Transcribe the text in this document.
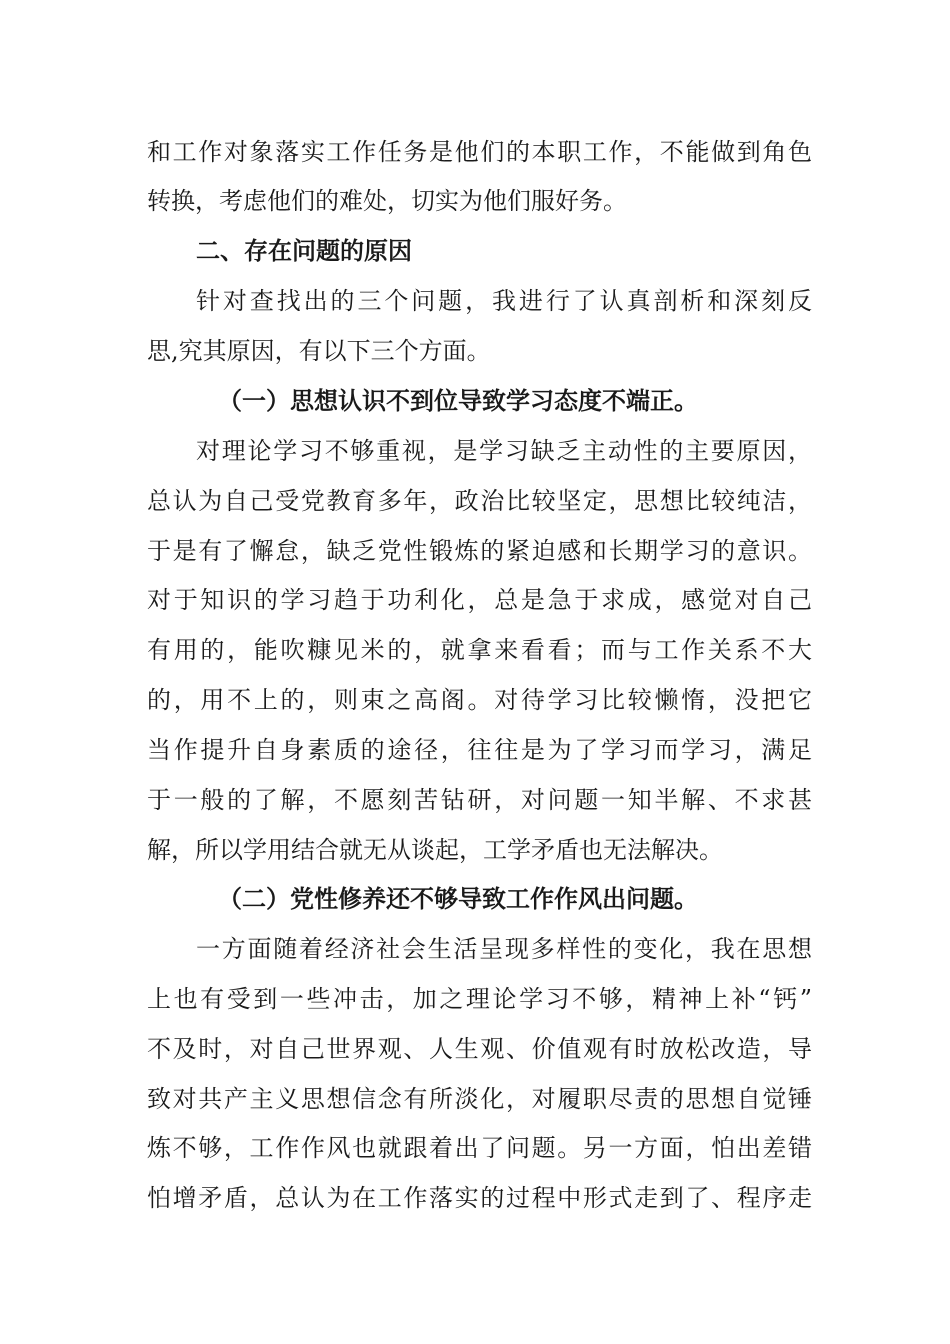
和工作对象落实工作任务是他们的本职工作，不能做到角色
转换，考虑他们的难处，切实为他们服好务。
二、存在问题的原因
针对查找出的三个问题，我进行了认真剖析和深刻反
思,究其原因，有以下三个方面。
（一）思想认识不到位导致学习态度不端正。
对理论学习不够重视，是学习缺乏主动性的主要原因，
总认为自己受党教育多年，政治比较坚定，思想比较纯洁，
于是有了懈怠，缺乏党性锻炼的紧迫感和长期学习的意识。
对于知识的学习趋于功利化，总是急于求成，感觉对自己
有用的，能吹糠见米的，就拿来看看；而与工作关系不大
的，用不上的，则束之高阁。对待学习比较懒惰，没把它
当作提升自身素质的途径，往往是为了学习而学习，满足
于一般的了解，不愿刻苦钻研，对问题一知半解、不求甚
解，所以学用结合就无从谈起，工学矛盾也无法解决。
（二）党性修养还不够导致工作作风出问题。
一方面随着经济社会生活呈现多样性的变化，我在思想
上也有受到一些冲击，加之理论学习不够，精神上补“钙”
不及时，对自己世界观、人生观、价值观有时放松改造，导
致对共产主义思想信念有所淡化，对履职尽责的思想自觉锤
炼不够，工作作风也就跟着出了问题。另一方面，怕出差错
怕增矛盾，总认为在工作落实的过程中形式走到了、程序走
